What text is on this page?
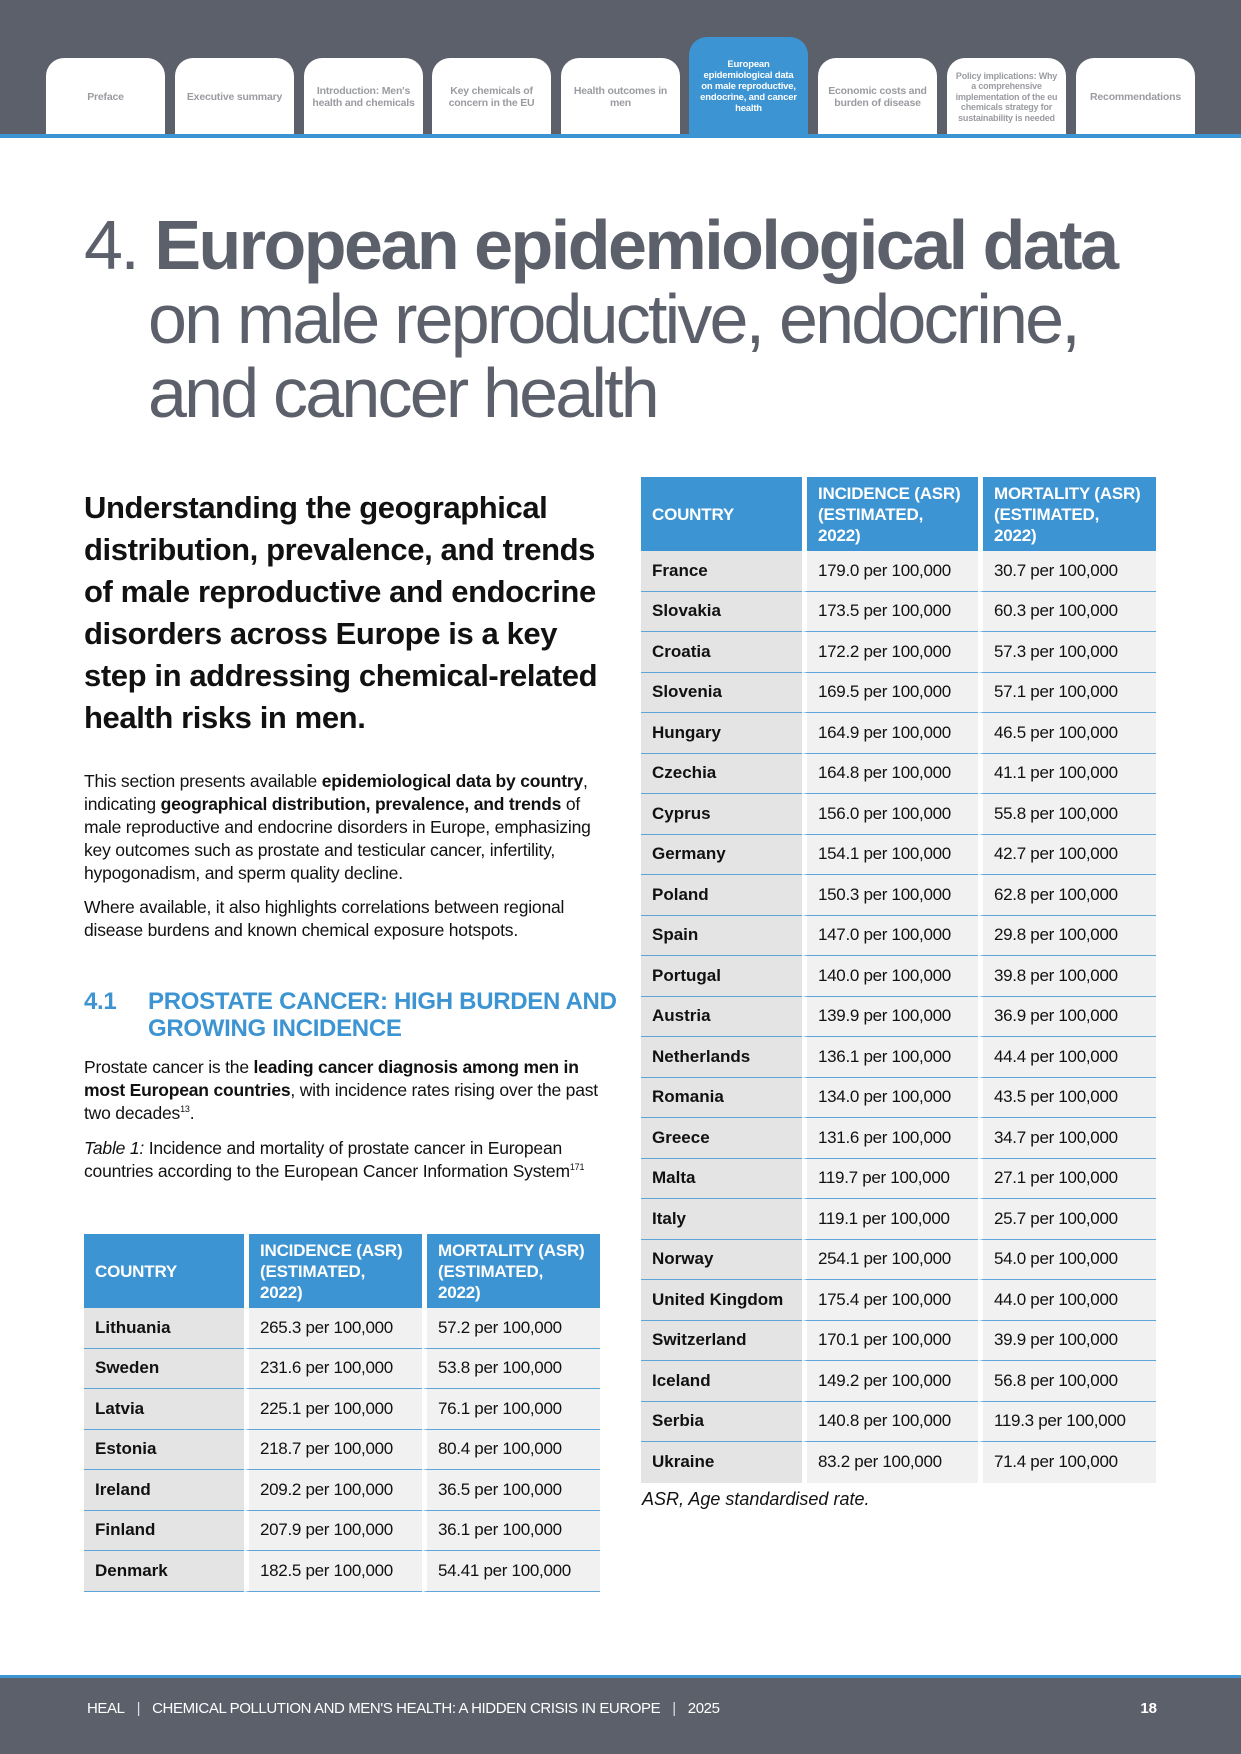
Preface	Executive summary	Introduction: Men's health and chemicals
Key chemicals of concern in the EU
Health outcomes in men
European epidemiological data on male reproductive, endocrine, and cancer health
Economic costs and burden of disease
Policy implications: Why a comprehensive implementation of the eu chemicals strategy for sustainability is needed
Recommendations
4. European epidemiological data
on male reproductive, endocrine,
and cancer health
Understanding the geographical distribution, prevalence, and trends of male reproductive and endocrine disorders across Europe is a key step in addressing chemical-related health risks in men.
This section presents available epidemiological data by country, indicating geographical distribution, prevalence, and trends of male reproductive and endocrine disorders in Europe, emphasizing key outcomes such as prostate and testicular cancer, infertility, hypogonadism, and sperm quality decline.
Where available, it also highlights correlations between regional disease burdens and known chemical exposure hotspots.
4.1	PROSTATE CANCER: HIGH BURDEN AND GROWING INCIDENCE
Prostate cancer is the leading cancer diagnosis among men in most European countries, with incidence rates rising over the past two decades$^{13}$.
Table 1: Incidence and mortality of prostate cancer in European countries according to the European Cancer Information System$^{171}$
COUNTRY	INCIDENCE (ASR) (ESTIMATED, 2022)	MORTALITY (ASR) (ESTIMATED, 2022)
Lithuania	265.3 per 100,000	57.2 per 100,000
Sweden	231.6 per 100,000	53.8 per 100,000
Latvia	225.1 per 100,000	76.1 per 100,000
Estonia	218.7 per 100,000	80.4 per 100,000
Ireland	209.2 per 100,000	36.5 per 100,000
Finland	207.9 per 100,000	36.1 per 100,000
Denmark	182.5 per 100,000	54.41 per 100,000
COUNTRY	INCIDENCE (ASR) (ESTIMATED, 2022)	MORTALITY (ASR) (ESTIMATED, 2022)
France	179.0 per 100,000	30.7 per 100,000
Slovakia	173.5 per 100,000	60.3 per 100,000
Croatia	172.2 per 100,000	57.3 per 100,000
Slovenia	169.5 per 100,000	57.1 per 100,000
Hungary	164.9 per 100,000	46.5 per 100,000
Czechia	164.8 per 100,000	41.1 per 100,000
Cyprus	156.0 per 100,000	55.8 per 100,000
Germany	154.1 per 100,000	42.7 per 100,000
Poland	150.3 per 100,000	62.8 per 100,000
Spain	147.0 per 100,000	29.8 per 100,000
Portugal	140.0 per 100,000	39.8 per 100,000
Austria	139.9 per 100,000	36.9 per 100,000
Netherlands	136.1 per 100,000	44.4 per 100,000
Romania	134.0 per 100,000	43.5 per 100,000
Greece	131.6 per 100,000	34.7 per 100,000
Malta	119.7 per 100,000	27.1 per 100,000
Italy	119.1 per 100,000	25.7 per 100,000
Norway	254.1 per 100,000	54.0 per 100,000
United Kingdom	175.4 per 100,000	44.0 per 100,000
Switzerland	170.1 per 100,000	39.9 per 100,000
Iceland	149.2 per 100,000	56.8 per 100,000
Serbia	140.8 per 100,000	119.3 per 100,000
Ukraine	83.2 per 100,000	71.4 per 100,000
ASR, Age standardised rate.
HEAL | CHEMICAL POLLUTION AND MEN'S HEALTH: A HIDDEN CRISIS IN EUROPE | 2025	18
